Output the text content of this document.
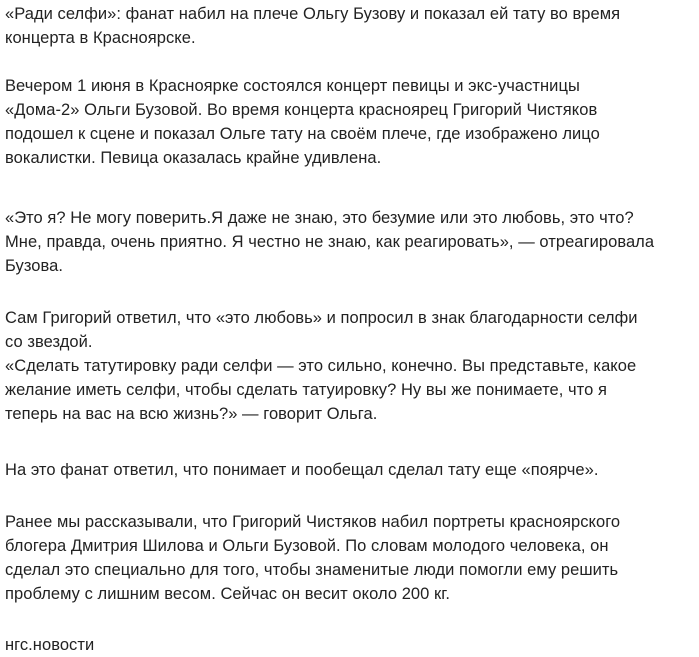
«Ради селфи»: фанат набил на плече Ольгу Бузову и показал ей тату во время
концерта в Красноярске.

Вечером 1 июня в Красноярке состоялся концерт певицы и экс-участницы
«Дома-2» Ольги Бузовой. Во время концерта красноярец Григорий Чистяков
подошел к сцене и показал Ольге тату на своём плече, где изображено лицо
вокалистки. Певица оказалась крайне удивлена.

«Это я? Не могу поверить.Я даже не знаю, это безумие или это любовь, это что?
Мне, правда, очень приятно. Я честно не знаю, как реагировать», — отреагировала
Бузова.

Сам Григорий ответил, что «это любовь» и попросил в знак благодарности селфи
со звездой.
«Сделать татутировку ради селфи — это сильно, конечно. Вы представьте, какое
желание иметь селфи, чтобы сделать татуировку? Ну вы же понимаете, что я
теперь на вас на всю жизнь?» — говорит Ольга.

На это фанат ответил, что понимает и пообещал сделал тату еще «поярче».

Ранее мы рассказывали, что Григорий Чистяков набил портреты красноярского
блогера Дмитрия Шилова и Ольги Бузовой. По словам молодого человека, он
сделал это специально для того, чтобы знаменитые люди помогли ему решить
проблему с лишним весом. Сейчас он весит около 200 кг.

нгс.новости
